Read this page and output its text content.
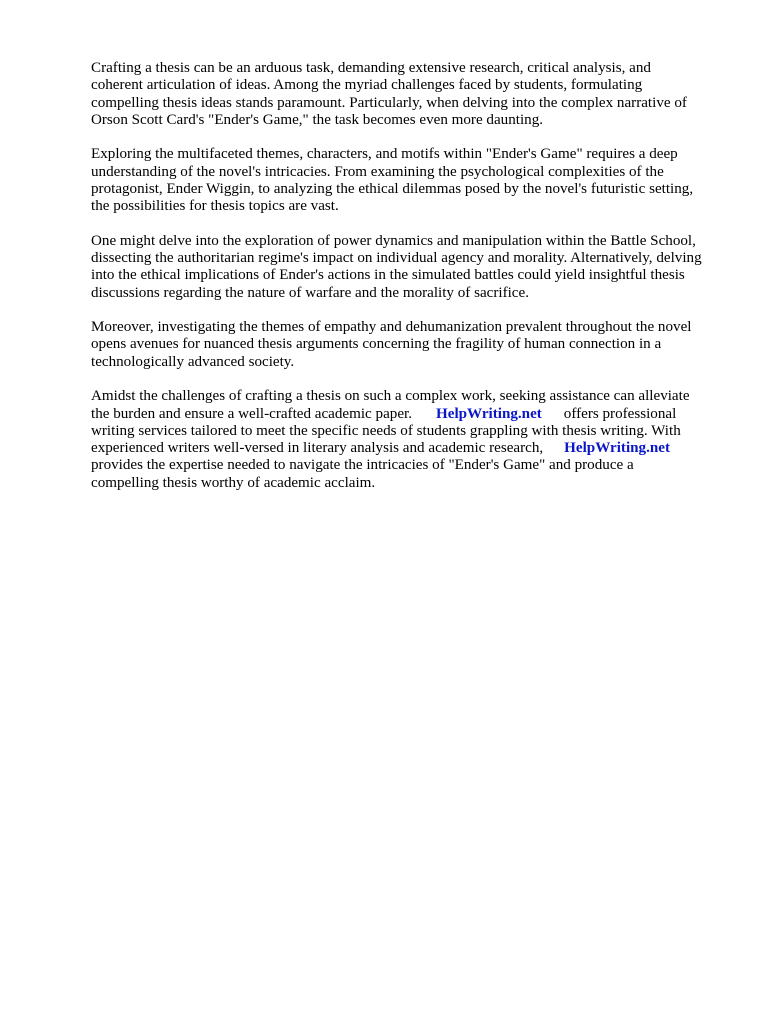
Crafting a thesis can be an arduous task, demanding extensive research, critical analysis, and
coherent articulation of ideas. Among the myriad challenges faced by students, formulating
compelling thesis ideas stands paramount. Particularly, when delving into the complex narrative of
Orson Scott Card's "Ender's Game," the task becomes even more daunting.

Exploring the multifaceted themes, characters, and motifs within "Ender's Game" requires a deep
understanding of the novel's intricacies. From examining the psychological complexities of the
protagonist, Ender Wiggin, to analyzing the ethical dilemmas posed by the novel's futuristic setting,
the possibilities for thesis topics are vast.

One might delve into the exploration of power dynamics and manipulation within the Battle School,
dissecting the authoritarian regime's impact on individual agency and morality. Alternatively, delving
into the ethical implications of Ender's actions in the simulated battles could yield insightful thesis
discussions regarding the nature of warfare and the morality of sacrifice.

Moreover, investigating the themes of empathy and dehumanization prevalent throughout the novel
opens avenues for nuanced thesis arguments concerning the fragility of human connection in a
technologically advanced society.

Amidst the challenges of crafting a thesis on such a complex work, seeking assistance can alleviate
the burden and ensure a well-crafted academic paper. HelpWriting.net offers professional
writing services tailored to meet the specific needs of students grappling with thesis writing. With
experienced writers well-versed in literary analysis and academic research, HelpWriting.net
provides the expertise needed to navigate the intricacies of "Ender's Game" and produce a
compelling thesis worthy of academic acclaim.
